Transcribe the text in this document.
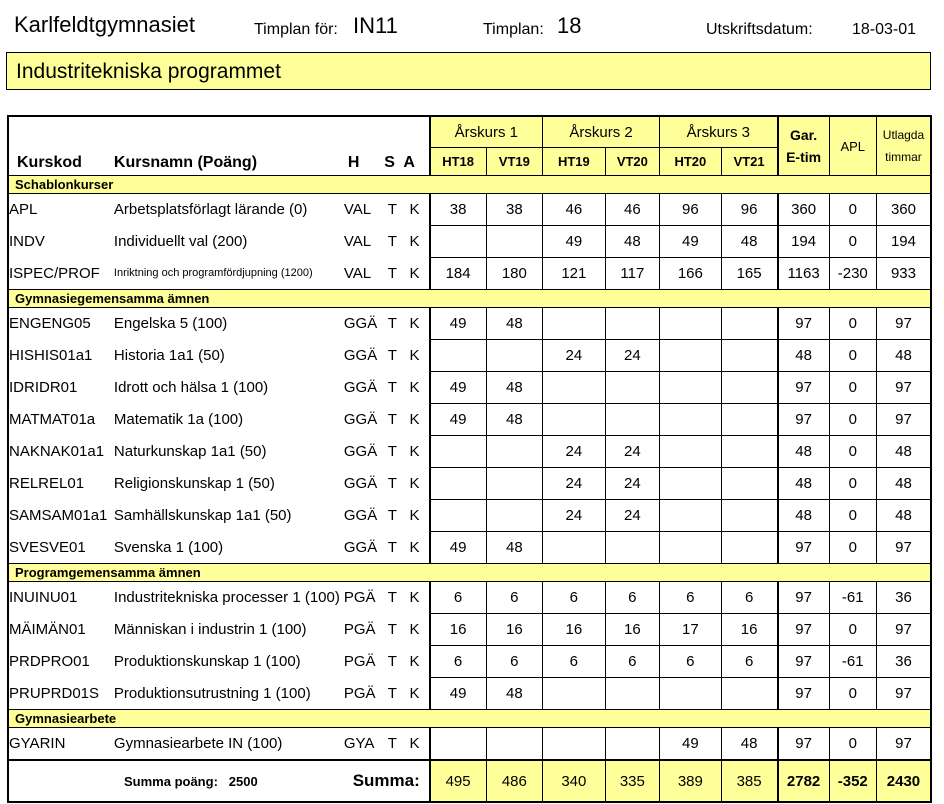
Karlfeldtgymnasiet	Timplan för: IN11	Timplan: 18	Utskriftsdatum: 18-03-01
Industritekniska programmet
Kurskod	Kursnamn (Poäng)	H	S	A	Årskurs 1		Årskurs 2		Årskurs 3		Gar.
E-tim	APL	Utlagda
timmar
					HT18	VT19	HT19	VT20	HT20	VT21			
Schablonkurser													
APL	Arbetsplatsförlagt lärande (0)	VAL	T	K	38	38	46	46	96	96	360	0	360
INDV	Individuellt val (200)	VAL	T	K			49	48	49	48	194	0	194
ISPEC/PROF	Inriktning och programfördjupning (1200)	VAL	T	K	184	180	121	117	166	165	1163	-230	933
Gymnasiegemensamma ämnen													
ENGENG05	Engelska 5 (100)	GGÄ	T	K	49	48					97	0	97
HISHIS01a1	Historia 1a1 (50)	GGÄ	T	K			24	24			48	0	48
IDRIDR01	Idrott och hälsa 1 (100)	GGÄ	T	K	49	48					97	0	97
MATMAT01a	Matematik 1a (100)	GGÄ	T	K	49	48					97	0	97
NAKNAK01a1	Naturkunskap 1a1 (50)	GGÄ	T	K			24	24			48	0	48
RELREL01	Religionskunskap 1 (50)	GGÄ	T	K			24	24			48	0	48
SAMSAM01a1	Samhällskunskap 1a1 (50)	GGÄ	T	K			24	24			48	0	48
SVESVE01	Svenska 1 (100)	GGÄ	T	K	49	48					97	0	97
Programgemensamma ämnen													
INUINU01	Industritekniska processer 1 (100)	PGÄ	T	K	6	6	6	6	6	6	97	-61	36
MÄIMÄN01	Människan i industrin 1 (100)	PGÄ	T	K	16	16	16	16	17	16	97	0	97
PRDPRO01	Produktionskunskap 1 (100)	PGÄ	T	K	6	6	6	6	6	6	97	-61	36
PRUPRD01S	Produktionsutrustning 1 (100)	PGÄ	T	K	49	48					97	0	97
Gymnasiearbete													
GYARIN	Gymnasiearbete IN (100)	GYA	T	K					49	48	97	0	97
Summa poäng: 2500		Summa:			495	486	340	335	389	385	2782	-352	2430
